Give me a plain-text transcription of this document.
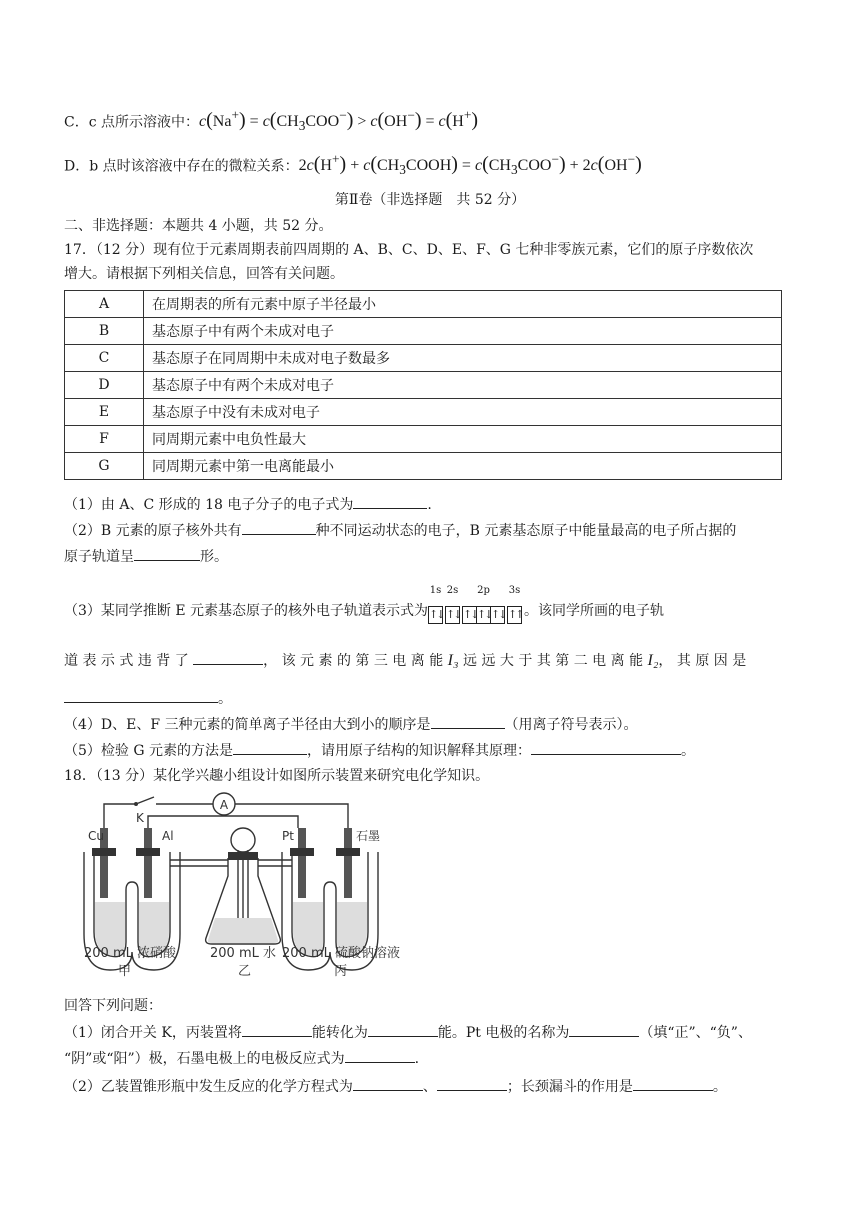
C．c 点所示溶液中：$c(Na^+) = c(CH_3COO^-) > c(OH^-) = c(H^+)$
D．b 点时该溶液中存在的微粒关系：$2c(H^+) + c(CH_3COOH) = c(CH_3COO^-) + 2c(OH^-)$
第Ⅱ卷（非选择题　共 52 分）
二、非选择题：本题共 4 小题，共 52 分。
17．（12 分）现有位于元素周期表前四周期的 A、B、C、D、E、F、G 七种非零族元素，它们的原子序数依次
增大。请根据下列相关信息，回答有关问题。
A	在周期表的所有元素中原子半径最小
B	基态原子中有两个未成对电子
C	基态原子在同周期中未成对电子数最多
D	基态原子中有两个未成对电子
E	基态原子中没有未成对电子
F	同周期元素中电负性最大
G	同周期元素中第一电离能最小
（1）由 A、C 形成的 18 电子分子的电子式为	.
（2）B 元素的原子核外共有	种不同运动状态的电子，B 元素基态原子中能量最高的电子所占据的
原子轨道呈	形。
（3）某同学推断 E 元素基态原子的核外电子轨道表示式为
1s
↑↓
2s
↑↓
2p
↑↓ ↑↓ ↑↓
3s
↑↑ 。该同学所画的电子轨
道 表 示 式 违 背 了	， 该 元 素 的 第 三 电 离 能 I₃ 远 远 大 于 其 第 二 电 离 能 I₂， 其 原 因 是
。
（4）D、E、F 三种元素的简单离子半径由大到小的顺序是	（用离子符号表示）。
（5）检验 G 元素的方法是	，请用原子结构的知识解释其原理：	。
18．（13 分）某化学兴趣小组设计如图所示装置来研究电化学知识。
A
K
Cu	Al	Pt	石墨
200 mL 浓硝酸
甲
200 mL 水
乙
200 mL 硫酸钠溶液
丙
回答下列问题：
（1）闭合开关 K，丙装置将	能转化为	能。Pt 电极的名称为	（填“正”、“负”、
“阴”或“阳”）极，石墨电极上的电极反应式为	.
（2）乙装置锥形瓶中发生反应的化学方程式为	、	；长颈漏斗的作用是	。
